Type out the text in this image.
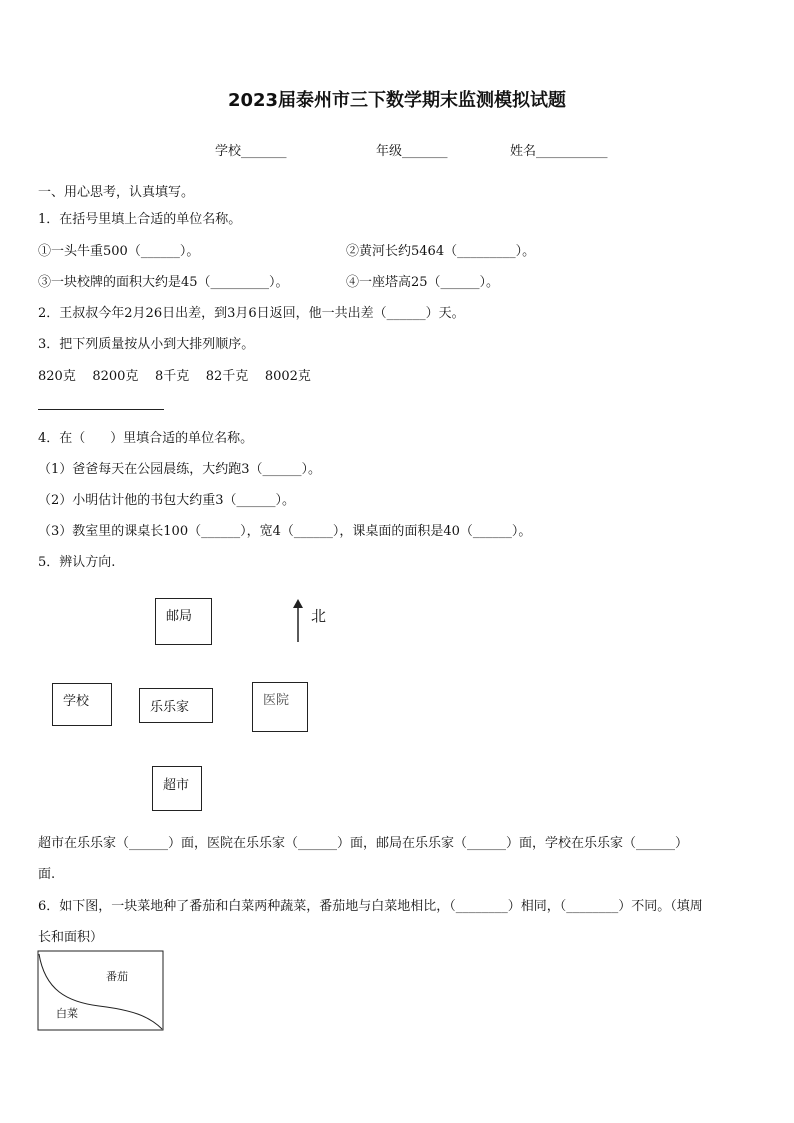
2023届泰州市三下数学期末监测模拟试题
学校_______	年级_______	姓名___________
一、用心思考，认真填写。
1．在括号里填上合适的单位名称。
①一头牛重500（______）。	②黄河长约5464（_________）。
③一块校牌的面积大约是45（_________）。	④一座塔高25（______）。
2．王叔叔今年2月26日出差，到3月6日返回，他一共出差（______）天。
3．把下列质量按从小到大排列顺序。
820克    8200克    8千克    82千克    8002克
4．在（      ）里填合适的单位名称。
（1）爸爸每天在公园晨练，大约跑3（______）。
（2）小明估计他的书包大约重3（______）。
（3）教室里的课桌长100（______），宽4（______），课桌面的面积是40（______）。
5．辨认方向.
北
邮局
学校	乐乐家	医院
超市
超市在乐乐家（______）面，医院在乐乐家（______）面，邮局在乐乐家（______）面，学校在乐乐家（______）
面.
6．如下图，一块菜地种了番茄和白菜两种蔬菜，番茄地与白菜地相比，（________）相同，（________）不同。（填周
长和面积）
番茄
白菜
